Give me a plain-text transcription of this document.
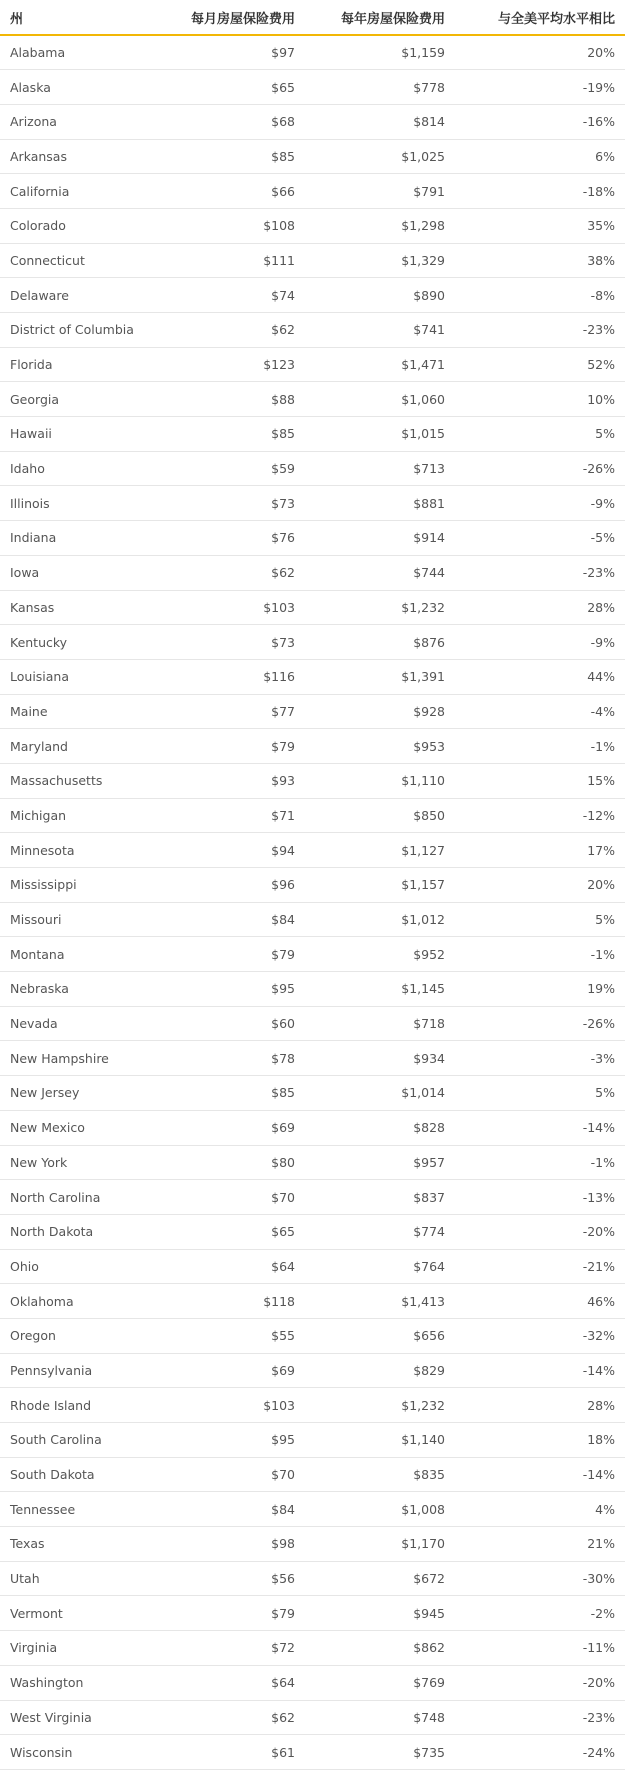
州	每月房屋保险费用	每年房屋保险费用	与全美平均水平相比
Alabama	$97	$1,159	20%
Alaska	$65	$778	-19%
Arizona	$68	$814	-16%
Arkansas	$85	$1,025	6%
California	$66	$791	-18%
Colorado	$108	$1,298	35%
Connecticut	$111	$1,329	38%
Delaware	$74	$890	-8%
District of Columbia	$62	$741	-23%
Florida	$123	$1,471	52%
Georgia	$88	$1,060	10%
Hawaii	$85	$1,015	5%
Idaho	$59	$713	-26%
Illinois	$73	$881	-9%
Indiana	$76	$914	-5%
Iowa	$62	$744	-23%
Kansas	$103	$1,232	28%
Kentucky	$73	$876	-9%
Louisiana	$116	$1,391	44%
Maine	$77	$928	-4%
Maryland	$79	$953	-1%
Massachusetts	$93	$1,110	15%
Michigan	$71	$850	-12%
Minnesota	$94	$1,127	17%
Mississippi	$96	$1,157	20%
Missouri	$84	$1,012	5%
Montana	$79	$952	-1%
Nebraska	$95	$1,145	19%
Nevada	$60	$718	-26%
New Hampshire	$78	$934	-3%
New Jersey	$85	$1,014	5%
New Mexico	$69	$828	-14%
New York	$80	$957	-1%
North Carolina	$70	$837	-13%
North Dakota	$65	$774	-20%
Ohio	$64	$764	-21%
Oklahoma	$118	$1,413	46%
Oregon	$55	$656	-32%
Pennsylvania	$69	$829	-14%
Rhode Island	$103	$1,232	28%
South Carolina	$95	$1,140	18%
South Dakota	$70	$835	-14%
Tennessee	$84	$1,008	4%
Texas	$98	$1,170	21%
Utah	$56	$672	-30%
Vermont	$79	$945	-2%
Virginia	$72	$862	-11%
Washington	$64	$769	-20%
West Virginia	$62	$748	-23%
Wisconsin	$61	$735	-24%
